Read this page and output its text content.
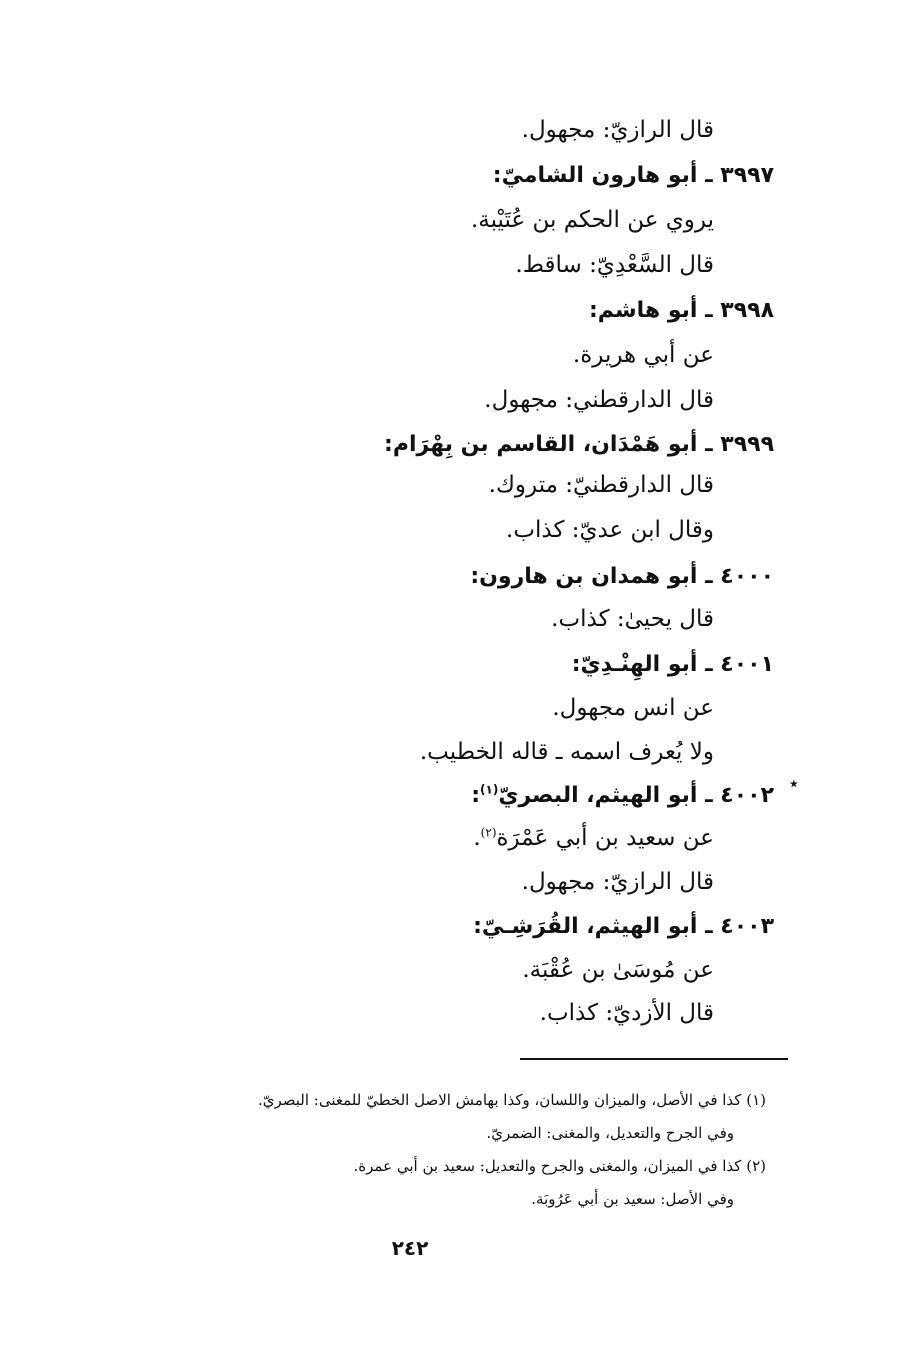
قال الرازيّ: مجهول.
٣٩٩٧ ـ أبو هارون الشاميّ:
يروي عن الحكم بن عُتَيْبة.
قال السَّعْدِيّ: ساقط.
٣٩٩٨ ـ أبو هاشم:
عن أبي هريرة.
قال الدارقطني: مجهول.
٣٩٩٩ ـ أبو هَمْدَان، القاسم بن بِهْرَام:
قال الدارقطنيّ: متروك.
وقال ابن عديّ: كذاب.
٤٠٠٠ ـ أبو همدان بن هارون:
قال يحيىٰ: كذاب.
٤٠٠١ ـ أبو الهِنْـدِيّ:
عن انس مجهول.
ولا يُعرف اسمه ـ قاله الخطيب.
٭
٤٠٠٢ ـ أبو الهيثم، البصريّ$^{(١)}$:
عن سعيد بن أبي عَمْرَة$^{(٢)}$.
قال الرازيّ: مجهول.
٤٠٠٣ ـ أبو الهيثم، القُرَشِـيّ:
عن مُوسَىٰ بن عُقْبَة.
قال الأزديّ: كذاب.
(١) كذا في الأصل، والميزان واللسان، وكذا بهامش الاصل الخطيّ للمغنى: البصريّ.
وفي الجرح والتعديل، والمغنى: الضمريّ.
(٢) كذا في الميزان، والمغنى والجرح والتعديل: سعيد بن أبي عمرة.
وفي الأصل: سعيد بن أبي عَرُوبَة.
٢٤٢
